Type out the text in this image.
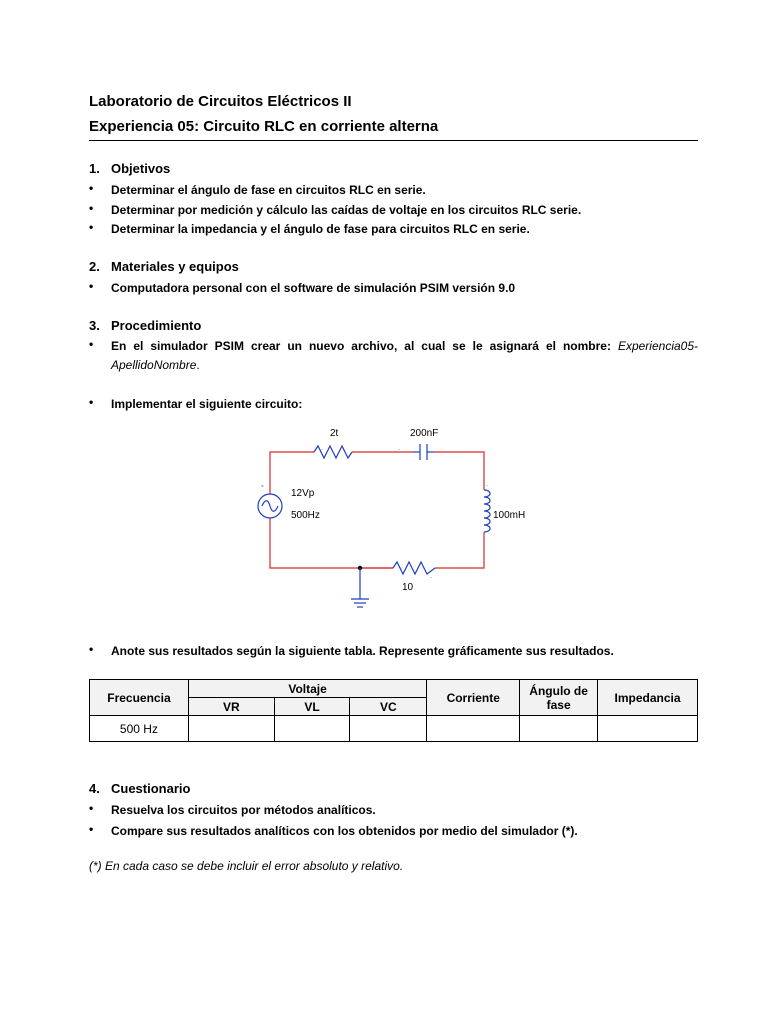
Laboratorio de Circuitos Eléctricos II
Experiencia 05: Circuito RLC en corriente alterna
1. Objetivos
• Determinar el ángulo de fase en circuitos RLC en serie.
• Determinar por medición y cálculo las caídas de voltaje en los circuitos RLC serie.
• Determinar la impedancia y el ángulo de fase para circuitos RLC en serie.
2. Materiales y equipos
• Computadora personal con el software de simulación PSIM versión 9.0
3. Procedimiento
• En el simulador PSIM crear un nuevo archivo, al cual se le asignará el nombre: Experiencia05-
ApellidoNombre.
• Implementar el siguiente circuito:
.	.
.
.
°
2t	200nF
12Vp
500Hz	100mH
10
• Anote sus resultados según la siguiente tabla. Represente gráficamente sus resultados.
Frecuencia	Voltaje			Corriente	Ángulo de fase	Impedancia
	VR	VL	VC			
500 Hz						
4. Cuestionario
• Resuelva los circuitos por métodos analíticos.
• Compare sus resultados analíticos con los obtenidos por medio del simulador (*).
(*) En cada caso se debe incluir el error absoluto y relativo.
